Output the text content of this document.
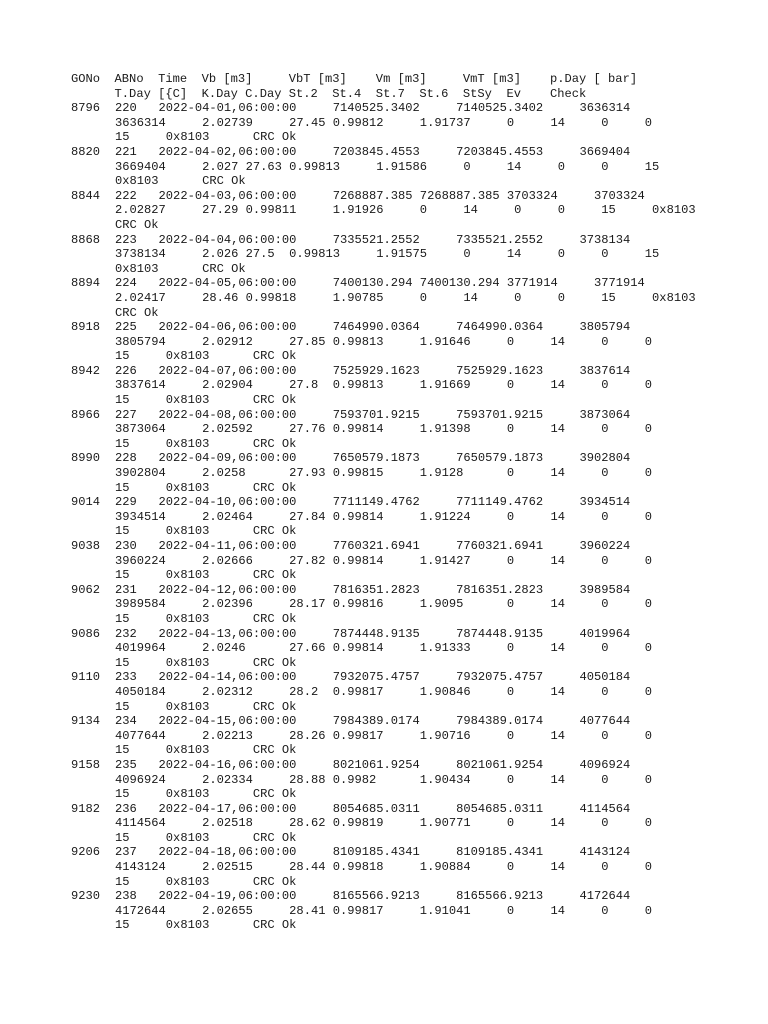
GONo  ABNo  Time  Vb [m3]     VbT [m3]    Vm [m3]     VmT [m3]    p.Day [ bar]
T.Day [{C]  K.Day C.Day St.2  St.4  St.7  St.6  StSy  Ev    Check
8796	220   2022-04-01,06:00:00     7140525.3402     7140525.3402     3636314
3636314     2.02739     27.45 0.99812     1.91737     0     14     0     0
15     0x8103      CRC Ok
8820	221   2022-04-02,06:00:00     7203845.4553     7203845.4553     3669404
3669404     2.027 27.63 0.99813     1.91586     0     14     0     0     15
0x8103      CRC Ok
8844	222   2022-04-03,06:00:00     7268887.385 7268887.385 3703324     3703324
2.02827     27.29 0.99811     1.91926     0     14     0     0     15     0x8103
CRC Ok
8868	223   2022-04-04,06:00:00     7335521.2552     7335521.2552     3738134
3738134     2.026 27.5  0.99813     1.91575     0     14     0     0     15
0x8103      CRC Ok
8894	224   2022-04-05,06:00:00     7400130.294 7400130.294 3771914     3771914
2.02417     28.46 0.99818     1.90785     0     14     0     0     15     0x8103
CRC Ok
8918	225   2022-04-06,06:00:00     7464990.0364     7464990.0364     3805794
3805794     2.02912     27.85 0.99813     1.91646     0     14     0     0
15     0x8103      CRC Ok
8942	226   2022-04-07,06:00:00     7525929.1623     7525929.1623     3837614
3837614     2.02904     27.8  0.99813     1.91669     0     14     0     0
15     0x8103      CRC Ok
8966	227   2022-04-08,06:00:00     7593701.9215     7593701.9215     3873064
3873064     2.02592     27.76 0.99814     1.91398     0     14     0     0
15     0x8103      CRC Ok
8990	228   2022-04-09,06:00:00     7650579.1873     7650579.1873     3902804
3902804     2.0258      27.93 0.99815     1.9128      0     14     0     0
15     0x8103      CRC Ok
9014	229   2022-04-10,06:00:00     7711149.4762     7711149.4762     3934514
3934514     2.02464     27.84 0.99814     1.91224     0     14     0     0
15     0x8103      CRC Ok
9038	230   2022-04-11,06:00:00     7760321.6941     7760321.6941     3960224
3960224     2.02666     27.82 0.99814     1.91427     0     14     0     0
15     0x8103      CRC Ok
9062	231   2022-04-12,06:00:00     7816351.2823     7816351.2823     3989584
3989584     2.02396     28.17 0.99816     1.9095      0     14     0     0
15     0x8103      CRC Ok
9086	232   2022-04-13,06:00:00     7874448.9135     7874448.9135     4019964
4019964     2.0246      27.66 0.99814     1.91333     0     14     0     0
15     0x8103      CRC Ok
9110	233   2022-04-14,06:00:00     7932075.4757     7932075.4757     4050184
4050184     2.02312     28.2  0.99817     1.90846     0     14     0     0
15     0x8103      CRC Ok
9134	234   2022-04-15,06:00:00     7984389.0174     7984389.0174     4077644
4077644     2.02213     28.26 0.99817     1.90716     0     14     0     0
15     0x8103      CRC Ok
9158	235   2022-04-16,06:00:00     8021061.9254     8021061.9254     4096924
4096924     2.02334     28.88 0.9982      1.90434     0     14     0     0
15     0x8103      CRC Ok
9182	236   2022-04-17,06:00:00     8054685.0311     8054685.0311     4114564
4114564     2.02518     28.62 0.99819     1.90771     0     14     0     0
15     0x8103      CRC Ok
9206	237   2022-04-18,06:00:00     8109185.4341     8109185.4341     4143124
4143124     2.02515     28.44 0.99818     1.90884     0     14     0     0
15     0x8103      CRC Ok
9230	238   2022-04-19,06:00:00     8165566.9213     8165566.9213     4172644
4172644     2.02655     28.41 0.99817     1.91041     0     14     0     0
15     0x8103      CRC Ok
